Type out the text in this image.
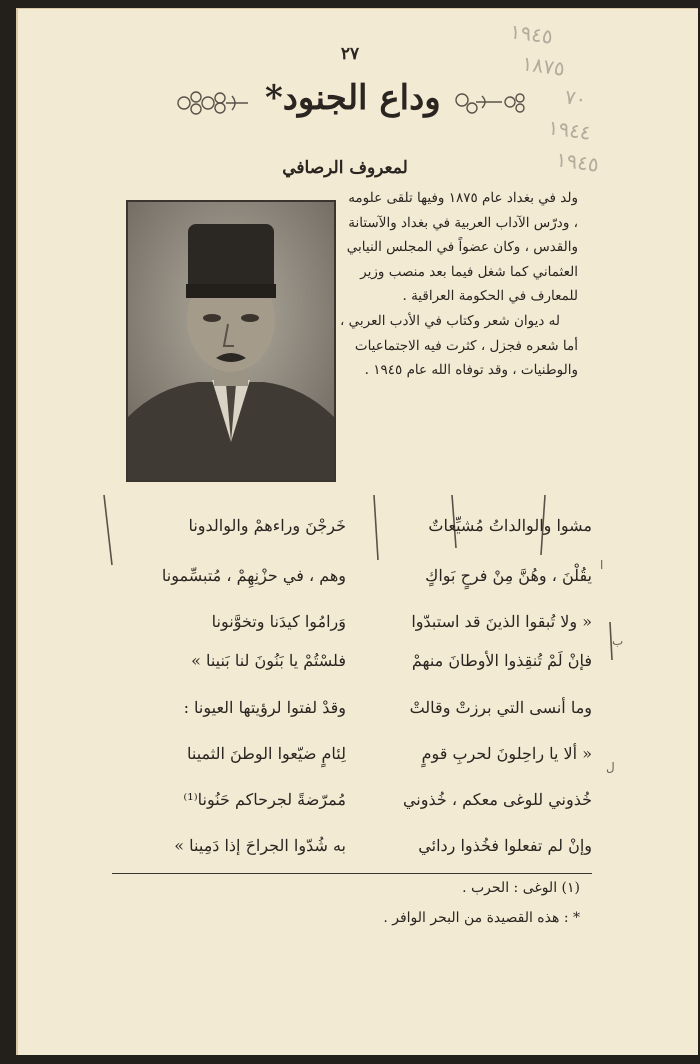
١٩٤٥
١٨٧٥
٧٠
١٩٤٤
١٩٤٥
٢٧
وداع الجنود*
لمعروف الرصافي

ولد في بغداد عام ١٨٧٥ وفيها تلقى علومه ، ودرّس الآداب العربية في بغداد والآستانة والقدس ، وكان عضواً في المجلس النيابي العثماني كما شغل فيما بعد منصب وزير للمعارف في الحكومة العراقية .

له ديوان شعر وكتاب في الأدب العربي ، أما شعره فجزل ، كثرت فيه الاجتماعيات والوطنيات ، وقد توفاه الله عام ١٩٤٥ .

مشوا والوالداتُ مُشيِّعاتٌ
خَرجْنَ وراءهمْ والوالدونا
يقُلْنَ ، وهُنَّ مِنْ فرحٍ بَواكٍ
وهم ، في حزْنِهِمْ ، مُتبسِّمونا
« ولا تُبقوا الذينَ قد استبدّوا
وَرامُوا كيدَنا وتخوَّنونا
فإنْ لَمْ تُنقِذوا الأوطانَ منهمْ
فلسْتُمْ يا بَنُونَ لنا بَنينا »
وما أنسى التي برزتْ وقالتْ
وقدْ لفتوا لرؤيتها العيونا :
« ألا يا راحِلونَ لحربِ قومٍ
لِئامٍ ضيّعوا الوطنَ الثمينا
خُذوني للوغى معكم ، خُذوني
مُمرّضةً لجرحاكم حَنُونا⁽¹⁾
وإنْ لم تفعلوا فخُذوا ردائي
به شُدّوا الجراحَ إذا دَمِينا »
(١) الوغى : الحرب .
* : هذه القصيدة من البحر الوافر .
ا
ب
ل
